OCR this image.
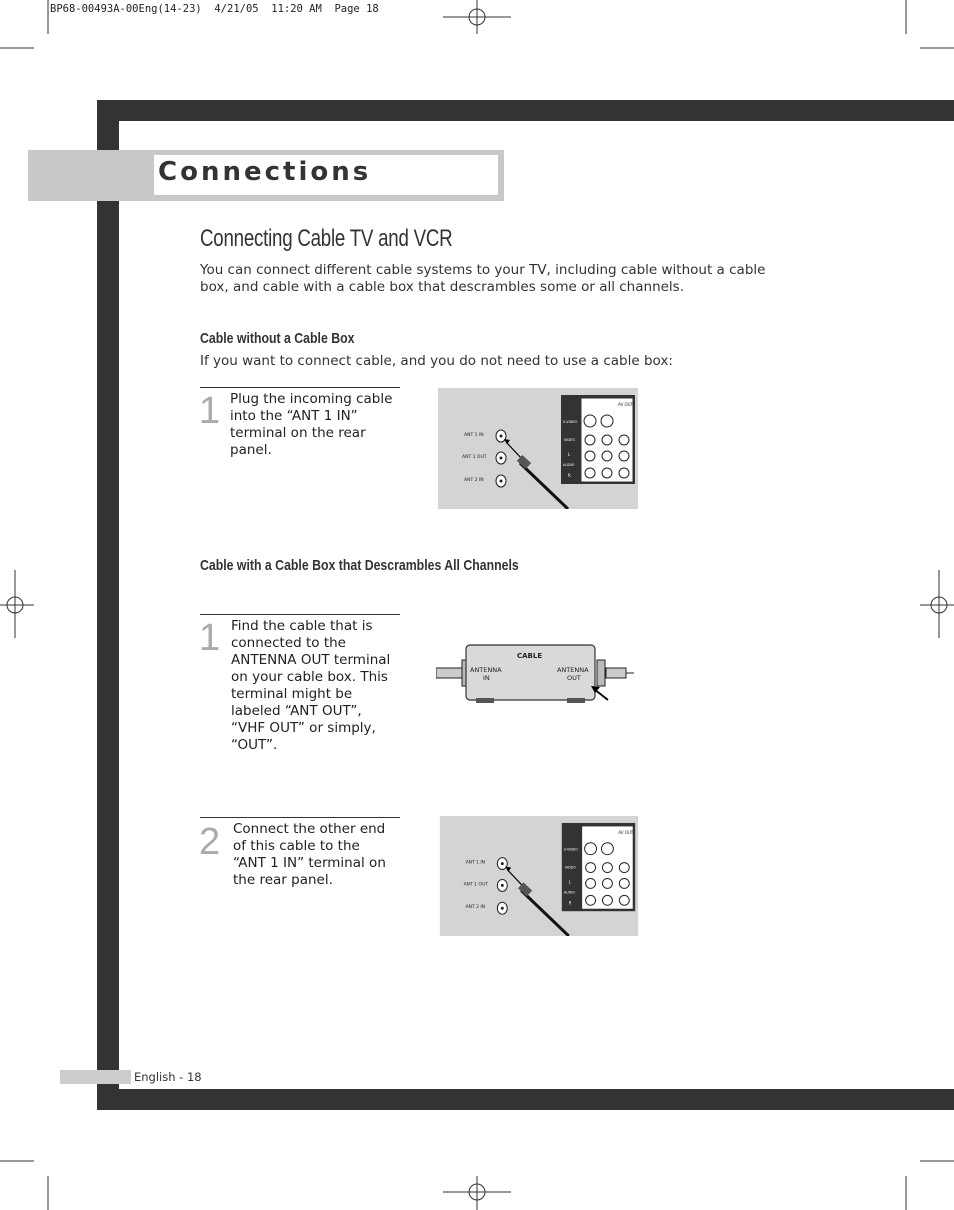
BP68-00493A-00Eng(14-23)  4/21/05  11:20 AM  Page 18
Connections
Connecting Cable TV and VCR
You can connect different cable systems to your TV, including cable without a cable box, and cable with a cable box that descrambles some or all channels.
Cable without a Cable Box
If you want to connect cable, and you do not need to use a cable box:
1 Plug the incoming cable into the “ANT 1 IN” terminal on the rear panel.
ANT 1 IN
ANT 1 OUT
ANT 2 IN
AV IN
AV OUT
S-VIDEO
VIDEO
L
AUDIO
R
Cable with a Cable Box that Descrambles All Channels
1 Find the cable that is connected to the ANTENNA OUT terminal on your cable box. This terminal might be labeled “ANT OUT”, “VHF OUT” or simply, “OUT”.
CABLE
ANTENNA
IN
ANTENNA
OUT
2 Connect the other end of this cable to the “ANT 1 IN” terminal on the rear panel.
ANT 1 IN
ANT 1 OUT
ANT 2 IN
AV IN
AV OUT
S-VIDEO
VIDEO
L
AUDIO
R
English - 18
